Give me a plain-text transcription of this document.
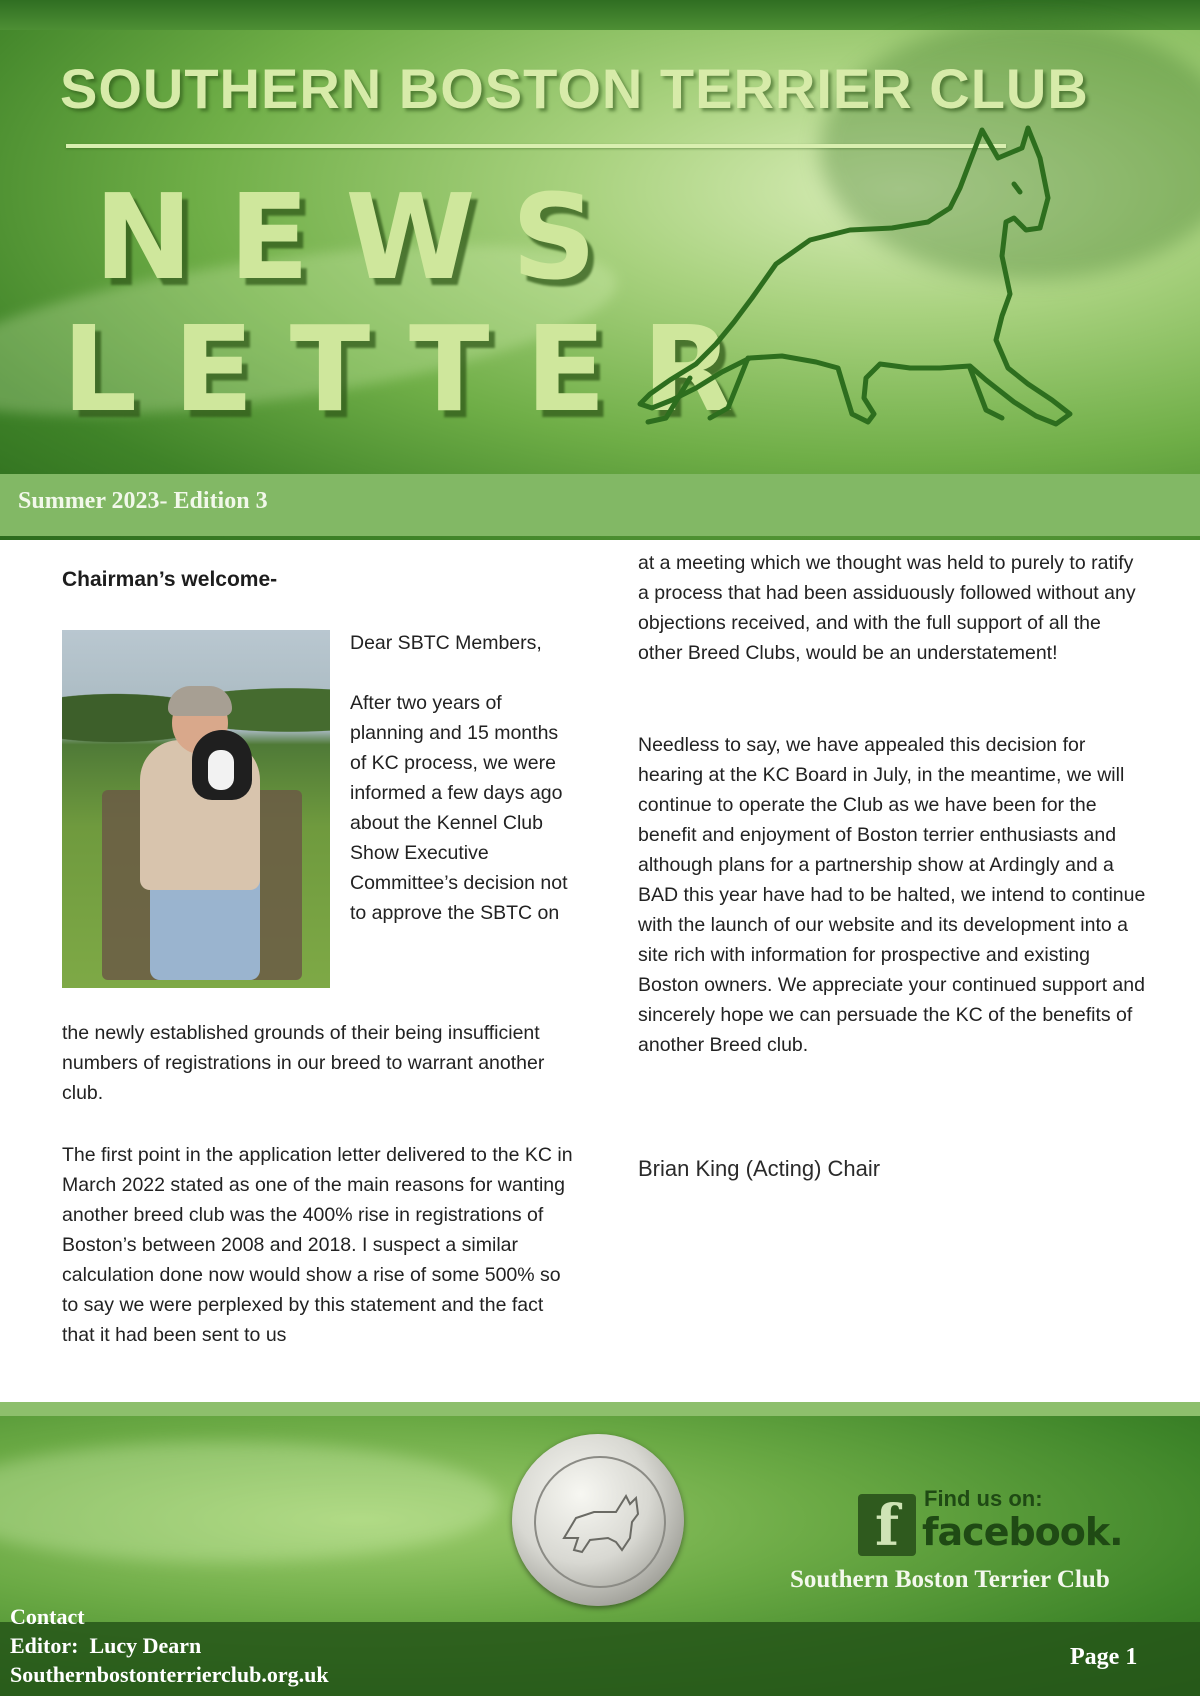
SOUTHERN BOSTON TERRIER CLUB
NEWS
LETTER
Summer 2023- Edition 3
Chairman’s welcome-
Dear SBTC Members,
After two years of planning and 15 months of KC process, we were informed a few days ago about the Kennel Club Show Executive Committee’s decision not to approve the SBTC on
the newly established grounds of their being insufficient numbers of registrations in our breed to warrant another club.
The first point in the application letter delivered to the KC in March 2022 stated as one of the main reasons for wanting another breed club was the 400% rise in registrations of Boston’s between 2008 and 2018. I suspect a similar calculation done now would show a rise of some 500% so to say we were perplexed by this statement and the fact that it had been sent to us
at a meeting which we thought was held to purely to ratify a process that had been assiduously followed without any objections received, and with the full support of all the other Breed Clubs, would be an understatement!
Needless to say, we have appealed this decision for hearing at the KC Board in July, in the meantime, we will continue to operate the Club as we have been for the benefit and enjoyment of Boston terrier enthusiasts and although plans for a partnership show at Ardingly and a BAD this year have had to be halted, we intend to continue with the launch of our website and its development into a site rich with information for prospective and existing Boston owners. We appreciate your continued support and sincerely hope we can persuade the KC of the benefits of another Breed club.
Brian King (Acting) Chair
f	Find us on:
facebook.
Southern Boston Terrier Club
Contact
Editor: Lucy Dearn
Southernbostonterrierclub.org.uk
Page 1
